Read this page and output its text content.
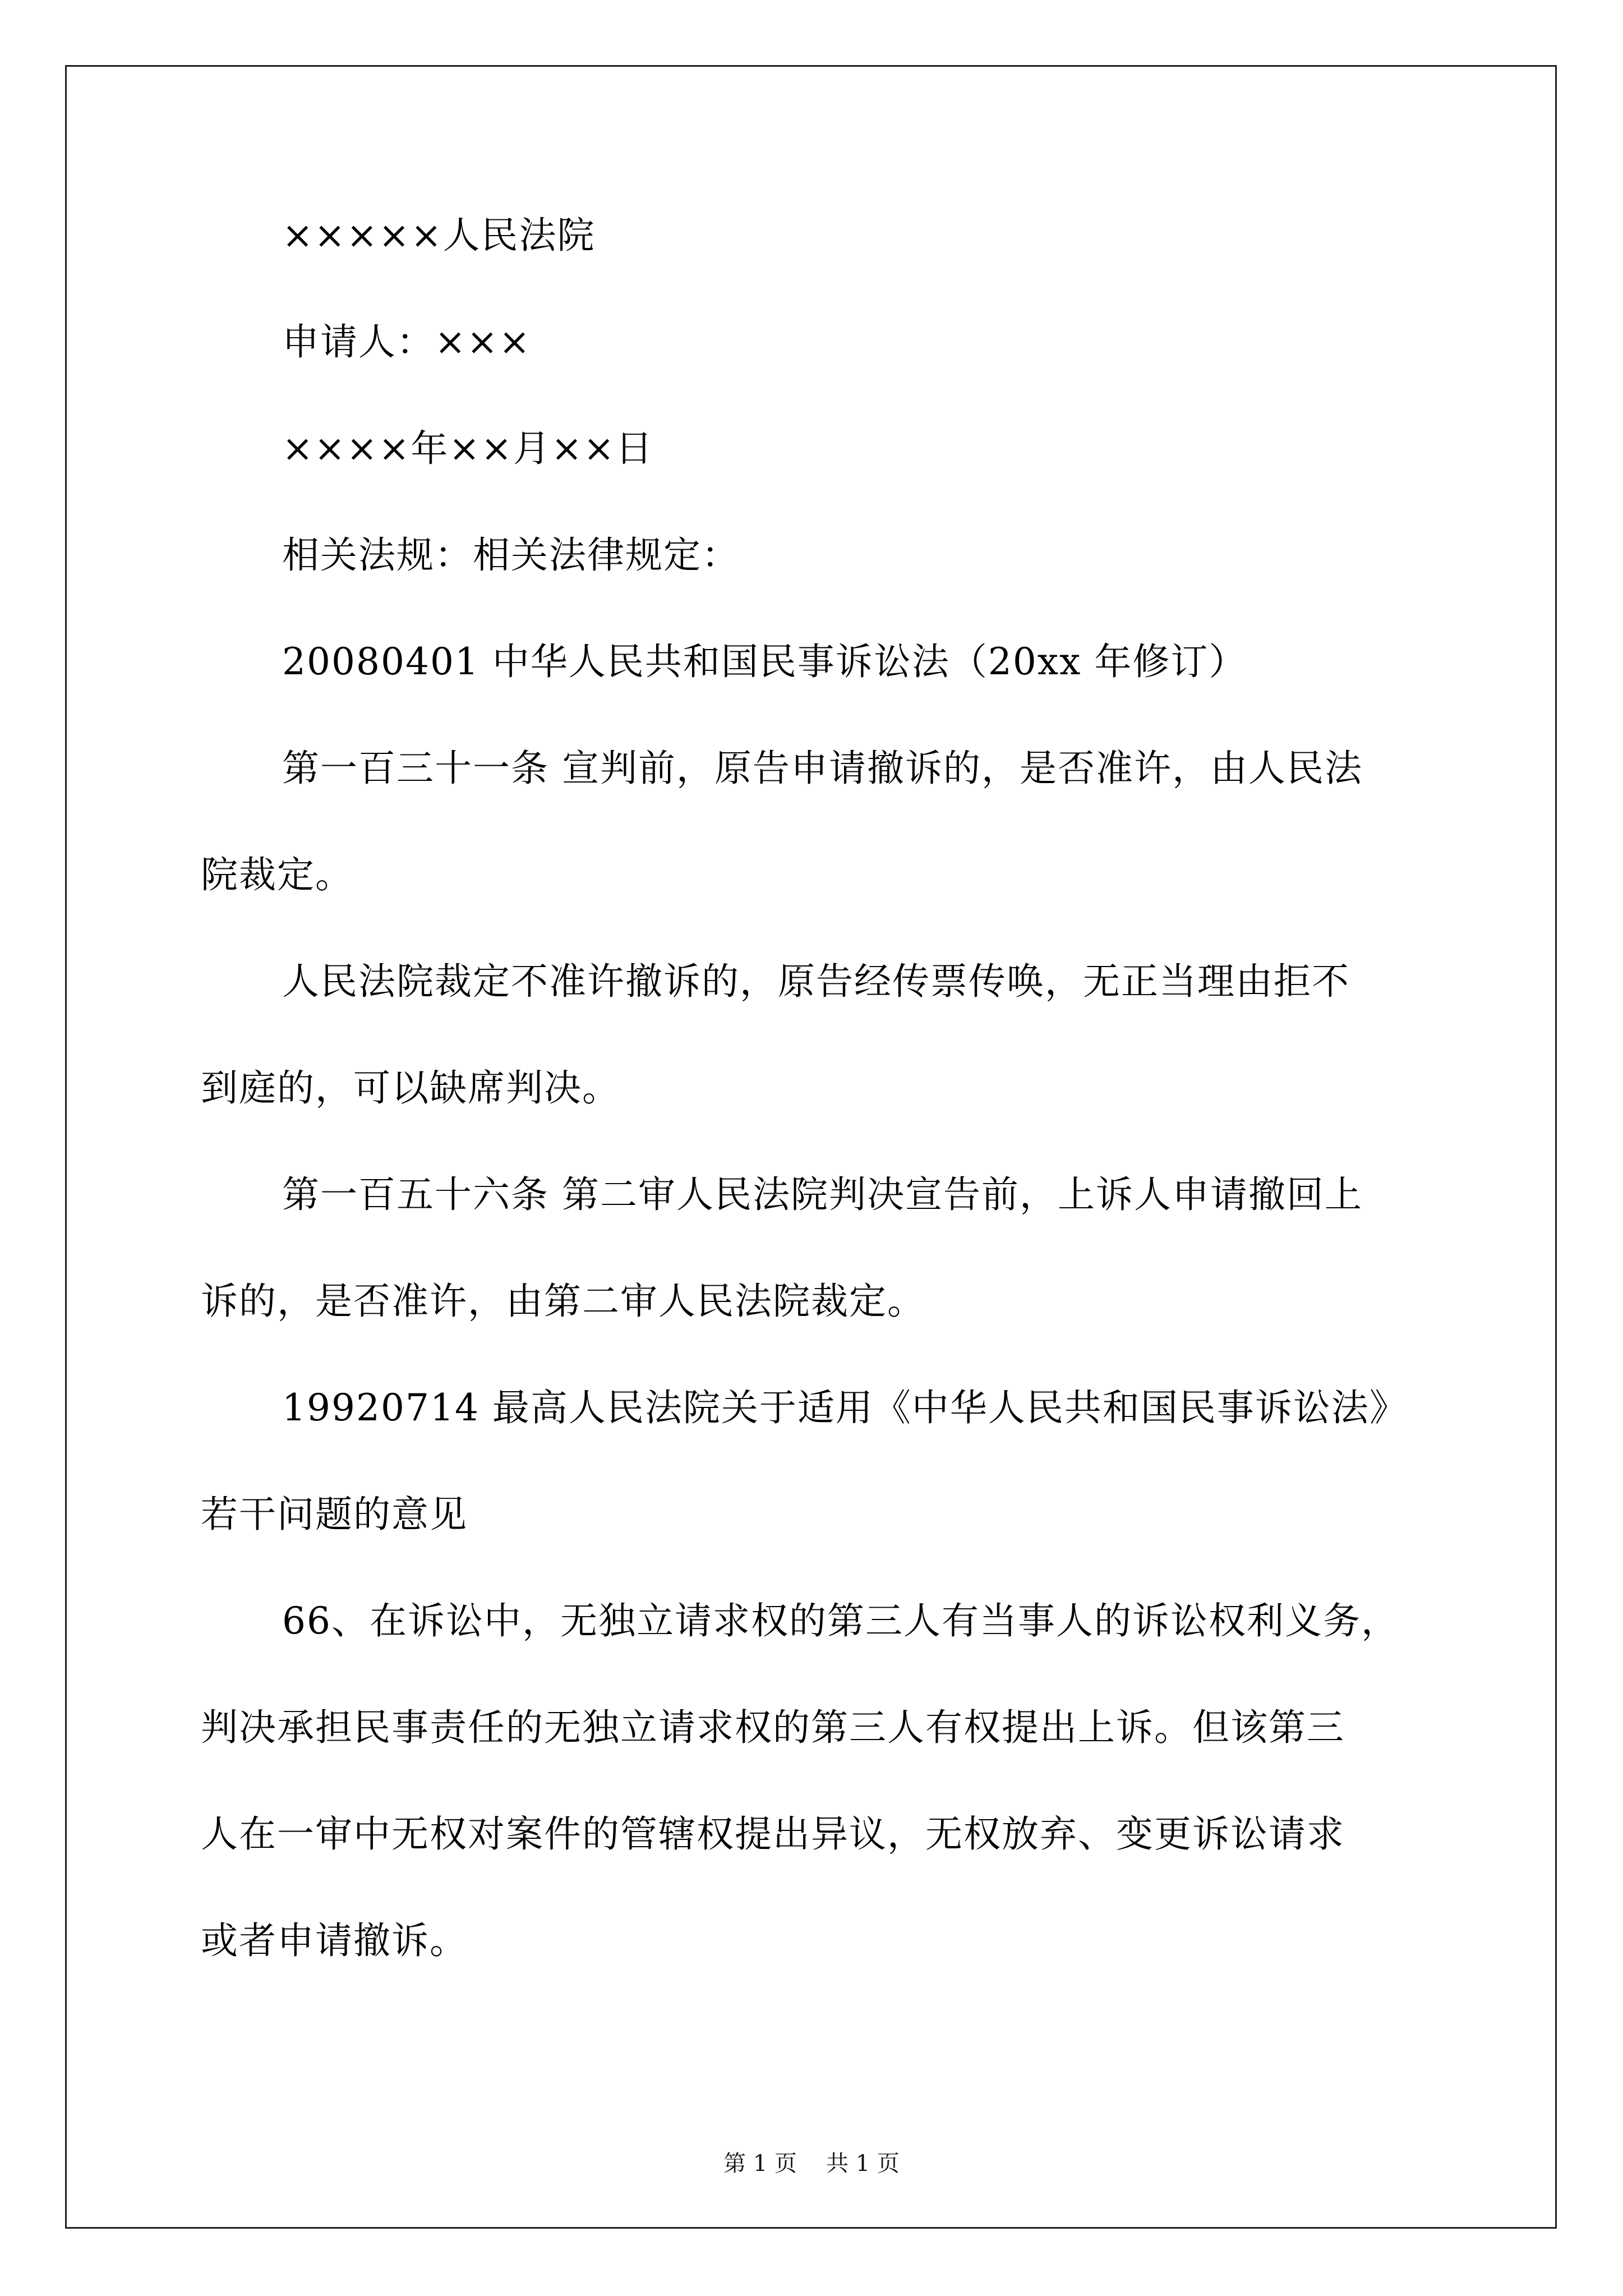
×××××人民法院
申请人：×××
××××年××月××日
相关法规：相关法律规定：
20080401 中华人民共和国民事诉讼法（20xx 年修订）
第一百三十一条 宣判前，原告申请撤诉的，是否准许，由人民法
院裁定。
人民法院裁定不准许撤诉的，原告经传票传唤，无正当理由拒不
到庭的，可以缺席判决。
第一百五十六条 第二审人民法院判决宣告前，上诉人申请撤回上
诉的，是否准许，由第二审人民法院裁定。
19920714 最高人民法院关于适用《中华人民共和国民事诉讼法》
若干问题的意见
66、在诉讼中，无独立请求权的第三人有当事人的诉讼权利义务，
判决承担民事责任的无独立请求权的第三人有权提出上诉。但该第三
人在一审中无权对案件的管辖权提出异议，无权放弃、变更诉讼请求
或者申请撤诉。
第 1 页 共 1 页
